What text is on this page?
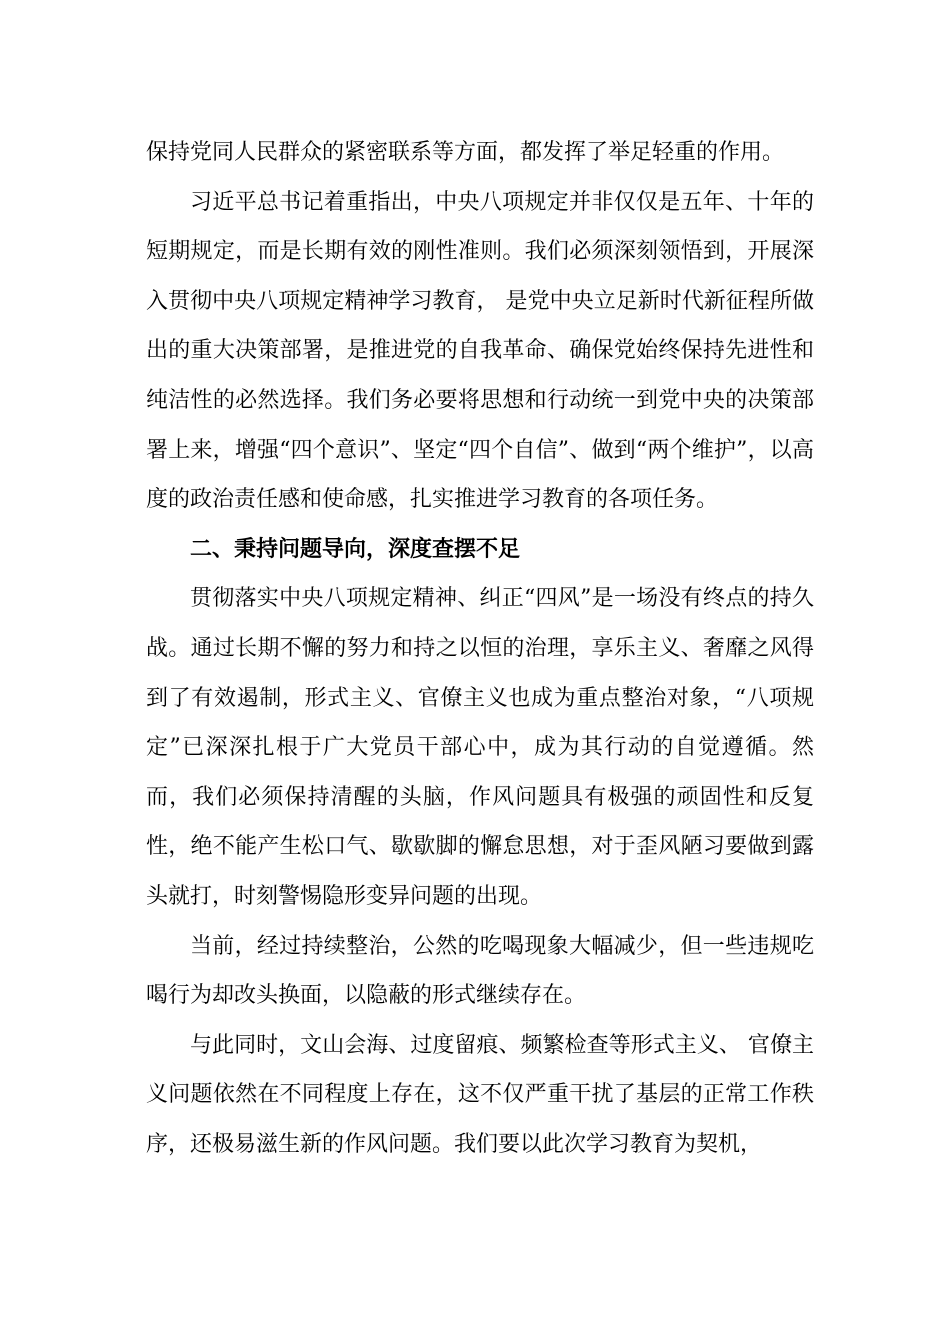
保持党同人民群众的紧密联系等方面，都发挥了举足轻重的作用。

习近平总书记着重指出，中央八项规定并非仅仅是五年、十年的短期规定，而是长期有效的刚性准则。我们必须深刻领悟到，开展深入贯彻中央八项规定精神学习教育， 是党中央立足新时代新征程所做出的重大决策部署，是推进党的自我革命、确保党始终保持先进性和纯洁性的必然选择。我们务必要将思想和行动统一到党中央的决策部署上来，增强“四个意识”、坚定“四个自信”、做到“两个维护”，以高度的政治责任感和使命感，扎实推进学习教育的各项任务。

二、秉持问题导向，深度查摆不足

贯彻落实中央八项规定精神、纠正“四风”是一场没有终点的持久战。通过长期不懈的努力和持之以恒的治理，享乐主义、奢靡之风得到了有效遏制，形式主义、官僚主义也成为重点整治对象，“八项规定”已深深扎根于广大党员干部心中，成为其行动的自觉遵循。然而，我们必须保持清醒的头脑，作风问题具有极强的顽固性和反复性，绝不能产生松口气、歇歇脚的懈怠思想，对于歪风陋习要做到露头就打，时刻警惕隐形变异问题的出现。

当前，经过持续整治，公然的吃喝现象大幅减少，但一些违规吃喝行为却改头换面，以隐蔽的形式继续存在。

与此同时，文山会海、过度留痕、频繁检查等形式主义、 官僚主义问题依然在不同程度上存在，这不仅严重干扰了基层的正常工作秩序，还极易滋生新的作风问题。我们要以此次学习教育为契机，
